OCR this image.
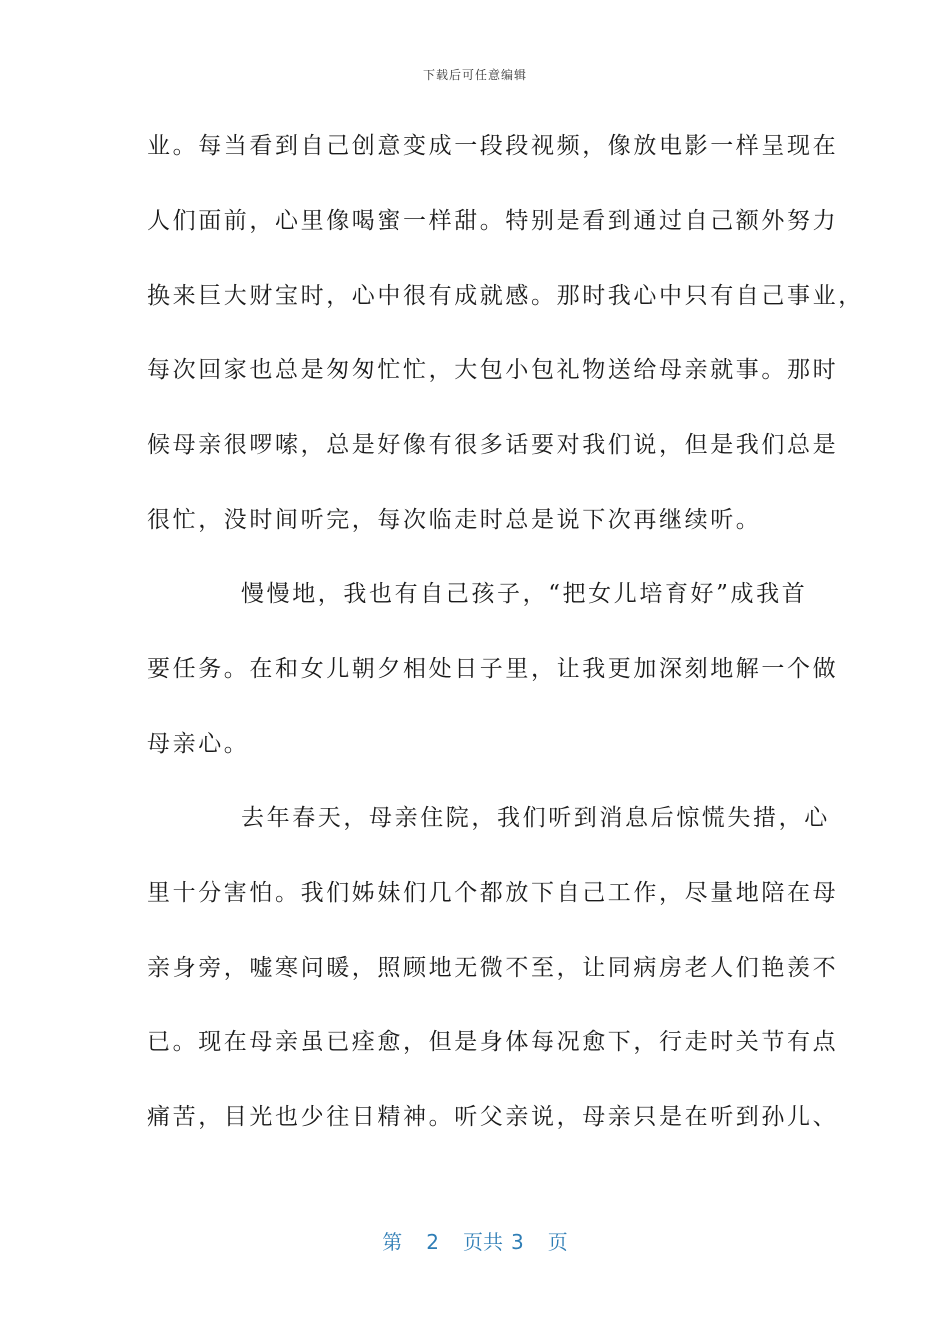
下载后可任意编辑
业。每当看到自己创意变成一段段视频，像放电影一样呈现在
人们面前，心里像喝蜜一样甜。特别是看到通过自己额外努力
换来巨大财宝时，心中很有成就感。那时我心中只有自己事业，
每次回家也总是匆匆忙忙，大包小包礼物送给母亲就事。那时
候母亲很啰嗦，总是好像有很多话要对我们说，但是我们总是
很忙，没时间听完，每次临走时总是说下次再继续听。
慢慢地，我也有自己孩子，“把女儿培育好”成我首
要任务。在和女儿朝夕相处日子里，让我更加深刻地解一个做
母亲心。
去年春天，母亲住院，我们听到消息后惊慌失措，心
里十分害怕。我们姊妹们几个都放下自己工作，尽量地陪在母
亲身旁，嘘寒问暖，照顾地无微不至，让同病房老人们艳羡不
已。现在母亲虽已痊愈，但是身体每况愈下，行走时关节有点
痛苦，目光也少往日精神。听父亲说，母亲只是在听到孙儿、
第 2 页共 3 页
